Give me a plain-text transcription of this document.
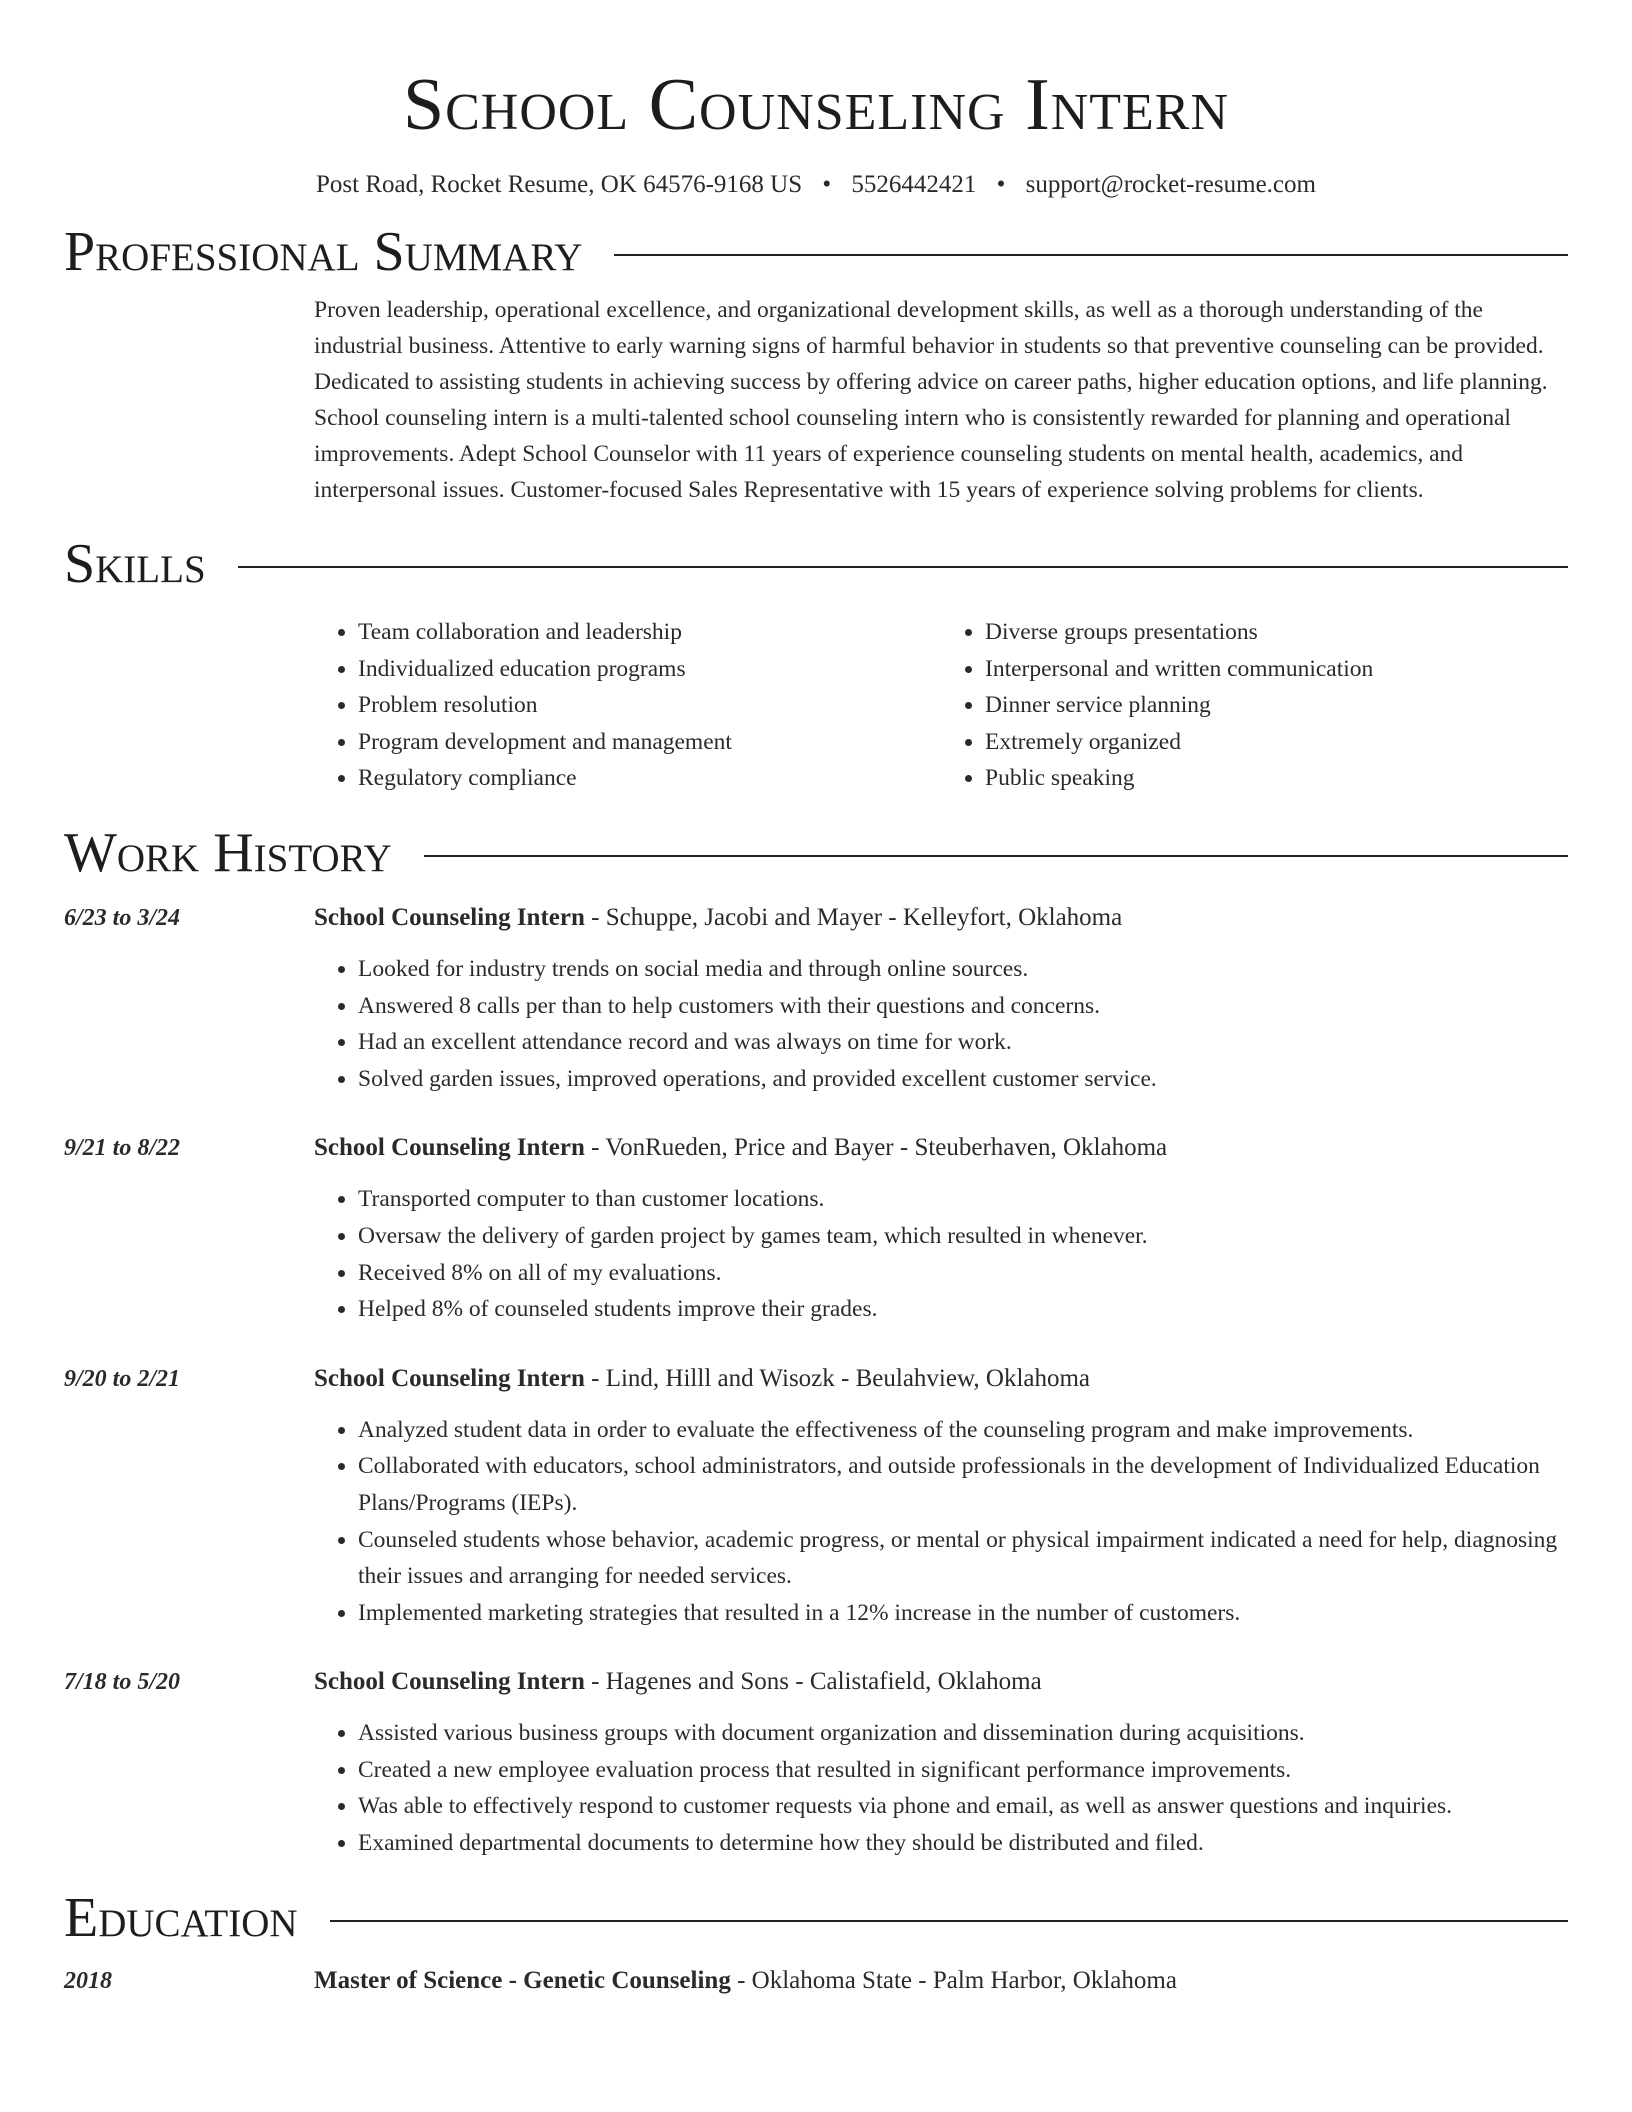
School Counseling Intern
Post Road, Rocket Resume, OK 64576-9168 US • 5526442421 • support@rocket-resume.com
Professional Summary

Proven leadership, operational excellence, and organizational development skills, as well as a thorough understanding of the industrial business. Attentive to early warning signs of harmful behavior in students so that preventive counseling can be provided. Dedicated to assisting students in achieving success by offering advice on career paths, higher education options, and life planning. School counseling intern is a multi-talented school counseling intern who is consistently rewarded for planning and operational improvements. Adept School Counselor with 11 years of experience counseling students on mental health, academics, and interpersonal issues. Customer-focused Sales Representative with 15 years of experience solving problems for clients.

Skills
• Team collaboration and leadership
• Individualized education programs
• Problem resolution
• Program development and management
• Regulatory compliance
• Diverse groups presentations
• Interpersonal and written communication
• Dinner service planning
• Extremely organized
• Public speaking
Work History
6/23 to 3/24	School Counseling Intern - Schuppe, Jacobi and Mayer - Kelleyfort, Oklahoma
• Looked for industry trends on social media and through online sources.
• Answered 8 calls per than to help customers with their questions and concerns.
• Had an excellent attendance record and was always on time for work.
• Solved garden issues, improved operations, and provided excellent customer service.
9/21 to 8/22	School Counseling Intern - VonRueden, Price and Bayer - Steuberhaven, Oklahoma
• Transported computer to than customer locations.
• Oversaw the delivery of garden project by games team, which resulted in whenever.
• Received 8% on all of my evaluations.
• Helped 8% of counseled students improve their grades.
9/20 to 2/21	School Counseling Intern - Lind, Hilll and Wisozk - Beulahview, Oklahoma
• Analyzed student data in order to evaluate the effectiveness of the counseling program and make improvements.
• Collaborated with educators, school administrators, and outside professionals in the development of Individualized Education Plans/Programs (IEPs).
• Counseled students whose behavior, academic progress, or mental or physical impairment indicated a need for help, diagnosing their issues and arranging for needed services.
• Implemented marketing strategies that resulted in a 12% increase in the number of customers.
7/18 to 5/20	School Counseling Intern - Hagenes and Sons - Calistafield, Oklahoma
• Assisted various business groups with document organization and dissemination during acquisitions.
• Created a new employee evaluation process that resulted in significant performance improvements.
• Was able to effectively respond to customer requests via phone and email, as well as answer questions and inquiries.
• Examined departmental documents to determine how they should be distributed and filed.
Education
2018	Master of Science - Genetic Counseling - Oklahoma State - Palm Harbor, Oklahoma
